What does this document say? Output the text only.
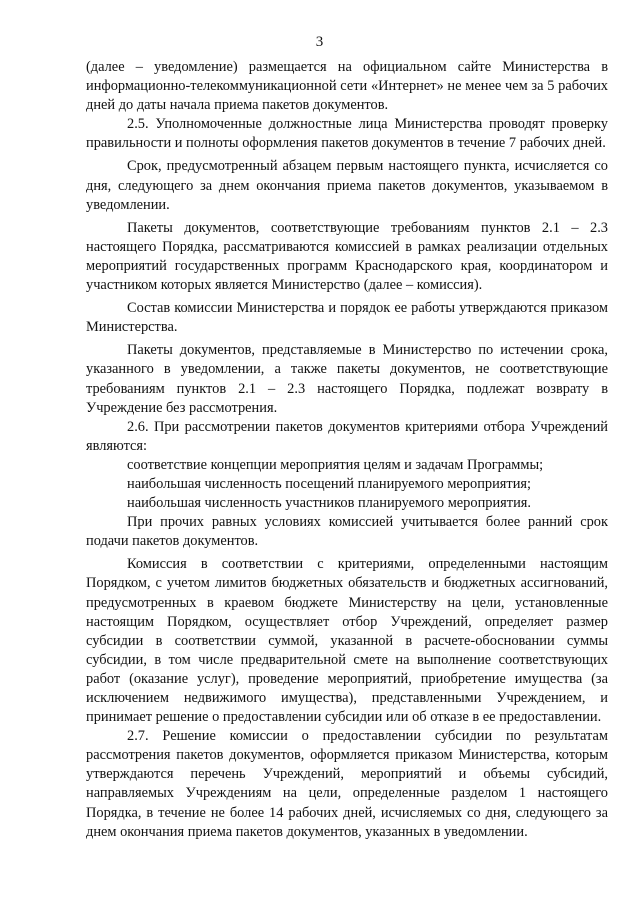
3

(далее – уведомление) размещается на официальном сайте Министерства в информационно-телекоммуникационной сети «Интернет» не менее чем за 5 рабочих дней до даты начала приема пакетов документов.

2.5. Уполномоченные должностные лица Министерства проводят проверку правильности и полноты оформления пакетов документов в течение 7 рабочих дней.

Срок, предусмотренный абзацем первым настоящего пункта, исчисляется со дня, следующего за днем окончания приема пакетов документов, указываемом в уведомлении.

Пакеты документов, соответствующие требованиям пунктов 2.1 – 2.3 настоящего Порядка, рассматриваются комиссией в рамках реализации отдельных мероприятий государственных программ Краснодарского края, координатором и участником которых является Министерство (далее – комиссия).

Состав комиссии Министерства и порядок ее работы утверждаются приказом Министерства.

Пакеты документов, представляемые в Министерство по истечении срока, указанного в уведомлении, а также пакеты документов, не соответствующие требованиям пунктов 2.1 – 2.3 настоящего Порядка, подлежат возврату в Учреждение без рассмотрения.

2.6. При рассмотрении пакетов документов критериями отбора Учреждений являются:

соответствие концепции мероприятия целям и задачам Программы;

наибольшая численность посещений планируемого мероприятия;

наибольшая численность участников планируемого мероприятия.

При прочих равных условиях комиссией учитывается более ранний срок подачи пакетов документов.

Комиссия в соответствии с критериями, определенными настоящим Порядком, с учетом лимитов бюджетных обязательств и бюджетных ассигнований, предусмотренных в краевом бюджете Министерству на цели, установленные настоящим Порядком, осуществляет отбор Учреждений, определяет размер субсидии в соответствии суммой, указанной в расчете-обосновании суммы субсидии, в том числе предварительной смете на выполнение соответствующих работ (оказание услуг), проведение мероприятий, приобретение имущества (за исключением недвижимого имущества), представленными Учреждением, и принимает решение о предоставлении субсидии или об отказе в ее предоставлении.

2.7. Решение комиссии о предоставлении субсидии по результатам рассмотрения пакетов документов, оформляется приказом Министерства, которым утверждаются перечень Учреждений, мероприятий и объемы субсидий, направляемых Учреждениям на цели, определенные разделом 1 настоящего Порядка, в течение не более 14 рабочих дней, исчисляемых со дня, следующего за днем окончания приема пакетов документов, указанных в уведомлении.
